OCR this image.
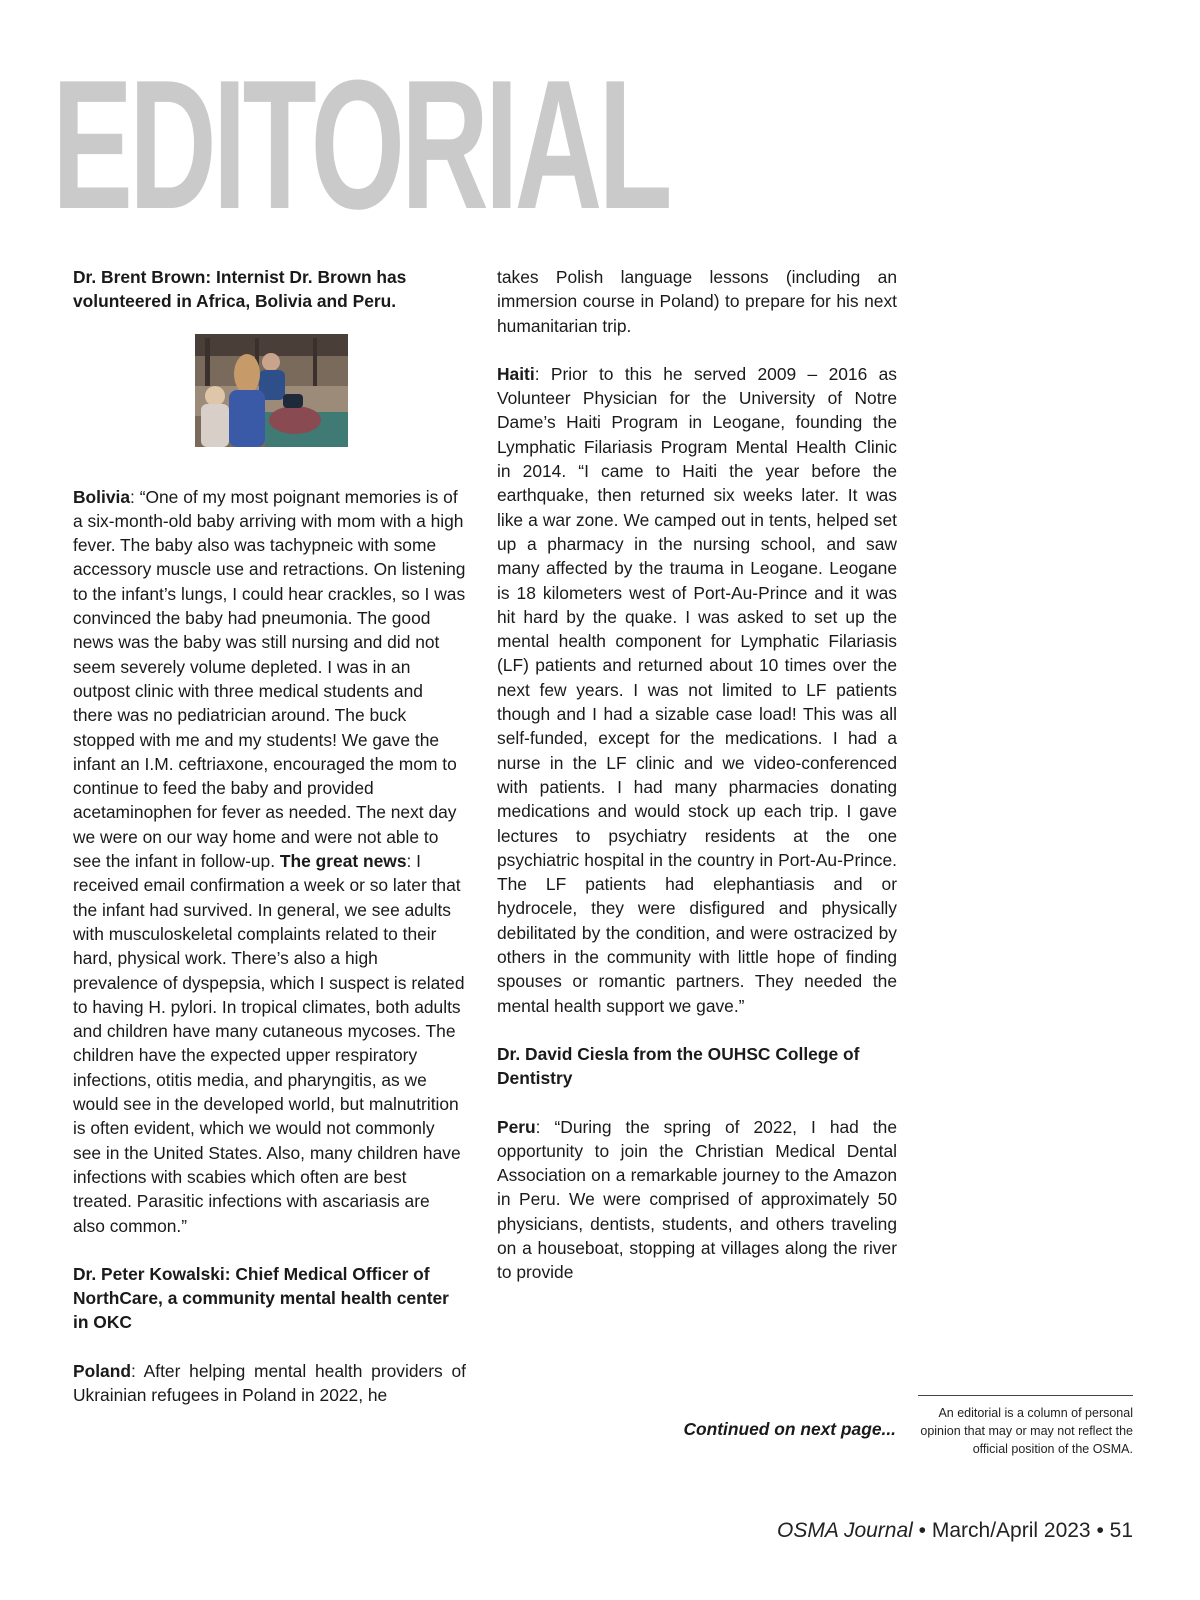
EDITORIAL

Dr. Brent Brown: Internist Dr. Brown has volunteered in Africa, Bolivia and Peru.

Bolivia: “One of my most poignant memories is of a six-month-old baby arriving with mom with a high fever. The baby also was tachypneic with some accessory muscle use and retractions. On listening to the infant’s lungs, I could hear crackles, so I was convinced the baby had pneumonia. The good news was the baby was still nursing and did not seem severely volume depleted. I was in an outpost clinic with three medical students and there was no pediatrician around. The buck stopped with me and my students! We gave the infant an I.M. ceftriaxone, encouraged the mom to continue to feed the baby and provided acetaminophen for fever as needed. The next day we were on our way home and were not able to see the infant in follow-up. The great news: I received email confirmation a week or so later that the infant had survived. In general, we see adults with musculoskeletal complaints related to their hard, physical work. There’s also a high prevalence of dyspepsia, which I suspect is related to having H. pylori. In tropical climates, both adults and children have many cutaneous mycoses. The children have the expected upper respiratory infections, otitis media, and pharyngitis, as we would see in the developed world, but malnutrition is often evident, which we would not commonly see in the United States. Also, many children have infections with scabies which often are best treated. Parasitic infections with ascariasis are also common.”

Dr. Peter Kowalski: Chief Medical Officer of NorthCare, a community mental health center in OKC

Poland: After helping mental health providers of Ukrainian refugees in Poland in 2022, he

takes Polish language lessons (including an immersion course in Poland) to prepare for his next humanitarian trip.

Haiti: Prior to this he served 2009 – 2016 as Volunteer Physician for the University of Notre Dame’s Haiti Program in Leogane, founding the Lymphatic Filariasis Program Mental Health Clinic in 2014. “I came to Haiti the year before the earthquake, then returned six weeks later. It was like a war zone. We camped out in tents, helped set up a pharmacy in the nursing school, and saw many affected by the trauma in Leogane. Leogane is 18 kilometers west of Port-Au-Prince and it was hit hard by the quake. I was asked to set up the mental health component for Lymphatic Filariasis (LF) patients and returned about 10 times over the next few years. I was not limited to LF patients though and I had a sizable case load! This was all self-funded, except for the medications. I had a nurse in the LF clinic and we video-conferenced with patients. I had many pharmacies donating medications and would stock up each trip. I gave lectures to psychiatry residents at the one psychiatric hospital in the country in Port-Au-Prince. The LF patients had elephantiasis and or hydrocele, they were disfigured and physically debilitated by the condition, and were ostracized by others in the community with little hope of finding spouses or romantic partners. They needed the mental health support we gave.”

Dr. David Ciesla from the OUHSC College of Dentistry

Peru: “During the spring of 2022, I had the opportunity to join the Christian Medical Dental Association on a remarkable journey to the Amazon in Peru. We were comprised of approximately 50 physicians, dentists, students, and others traveling on a houseboat, stopping at villages along the river to provide

Continued on next page...
An editorial is a column of personal opinion that may or may not reflect the official position of the OSMA.
OSMA Journal • March/April 2023 • 51
